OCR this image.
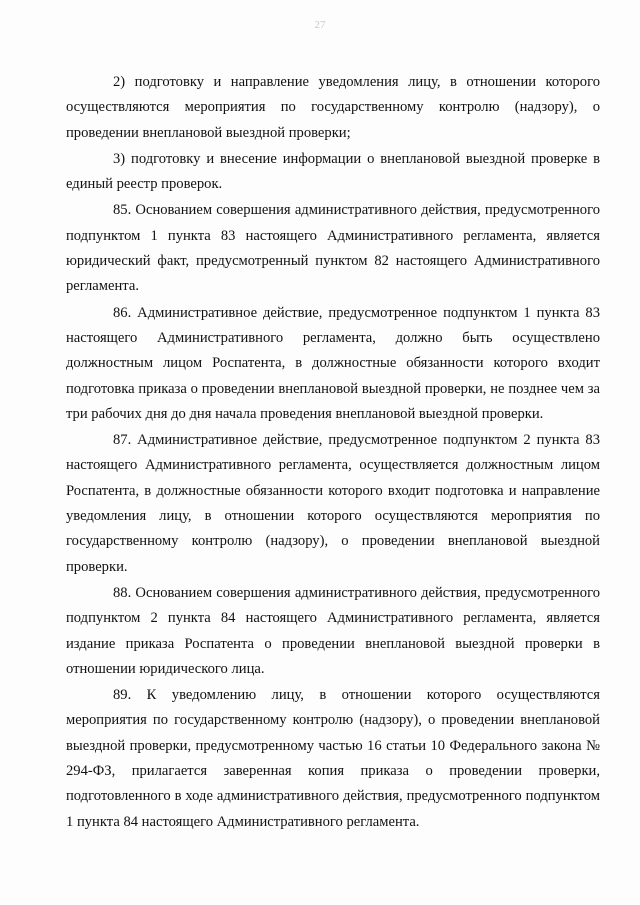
27

2) подготовку и направление уведомления лицу, в отношении которого осуществляются мероприятия по государственному контролю (надзору), о проведении внеплановой выездной проверки;

3) подготовку и внесение информации о внеплановой выездной проверке в единый реестр проверок.

85. Основанием совершения административного действия, предусмотренного подпунктом 1 пункта 83 настоящего Административного регламента, является юридический факт, предусмотренный пунктом 82 настоящего Административного регламента.

86. Административное действие, предусмотренное подпунктом 1 пункта 83 настоящего Административного регламента, должно быть осуществлено должностным лицом Роспатента, в должностные обязанности которого входит подготовка приказа о проведении внеплановой выездной проверки, не позднее чем за три рабочих дня до дня начала проведения внеплановой выездной проверки.

87. Административное действие, предусмотренное подпунктом 2 пункта 83 настоящего Административного регламента, осуществляется должностным лицом Роспатента, в должностные обязанности которого входит подготовка и направление уведомления лицу, в отношении которого осуществляются мероприятия по государственному контролю (надзору), о проведении внеплановой выездной проверки.

88. Основанием совершения административного действия, предусмотренного подпунктом 2 пункта 84 настоящего Административного регламента, является издание приказа Роспатента о проведении внеплановой выездной проверки в отношении юридического лица.

89. К уведомлению лицу, в отношении которого осуществляются мероприятия по государственному контролю (надзору), о проведении внеплановой выездной проверки, предусмотренному частью 16 статьи 10 Федерального закона № 294-ФЗ, прилагается заверенная копия приказа о проведении проверки, подготовленного в ходе административного действия, предусмотренного подпунктом 1 пункта 84 настоящего Административного регламента.
